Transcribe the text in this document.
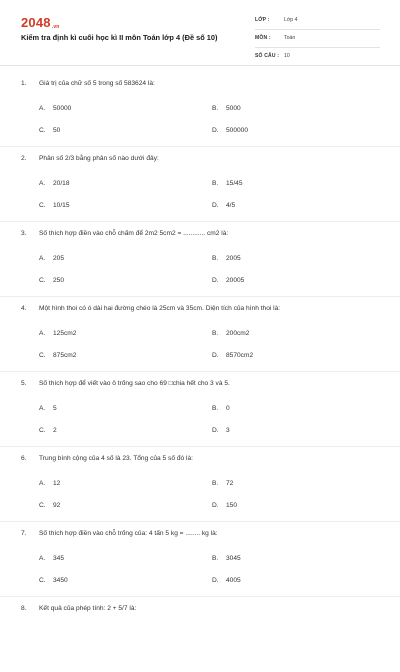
2048.vn
Kiểm tra định kì cuối học kì II môn Toán lớp 4 (Đề số 10)
LỚP :	Lớp 4
MÔN :	Toán
SỐ CÂU : 10
1. Giá trị của chữ số 5 trong số 583624 là:
A. 50000	B. 5000
C. 50	D. 500000
2. Phân số 2/3 bằng phân số nào dưới đây:
A. 20/18	B. 15/45
C. 10/15	D. 4/5
3. Số thích hợp điền vào chỗ chấm để 2m2 5cm2 = ............ cm2 là:
A. 205	B. 2005
C. 250	D. 20005
4. Một hình thoi có ó dài hai đường chéo là 25cm và 35cm. Diện tích của hình thoi là:
A. 125cm2	B. 200cm2
C. 875cm2	D. 8570cm2
5. Số thích hợp để viết vào ô trống sao cho 69 □chia hết cho 3 và 5.
A. 5	B. 0
C. 2	D. 3
6. Trung bình cộng của 4 số là 23. Tổng của 5 số đó là:
A. 12	B. 72
C. 92	D. 150
7. Số thích hợp điền vào chỗ trống của: 4 tấn 5 kg = ........ kg là:
A. 345	B. 3045
C. 3450	D. 4005
8. Kết quả của phép tính: 2 + 5/7 là:
